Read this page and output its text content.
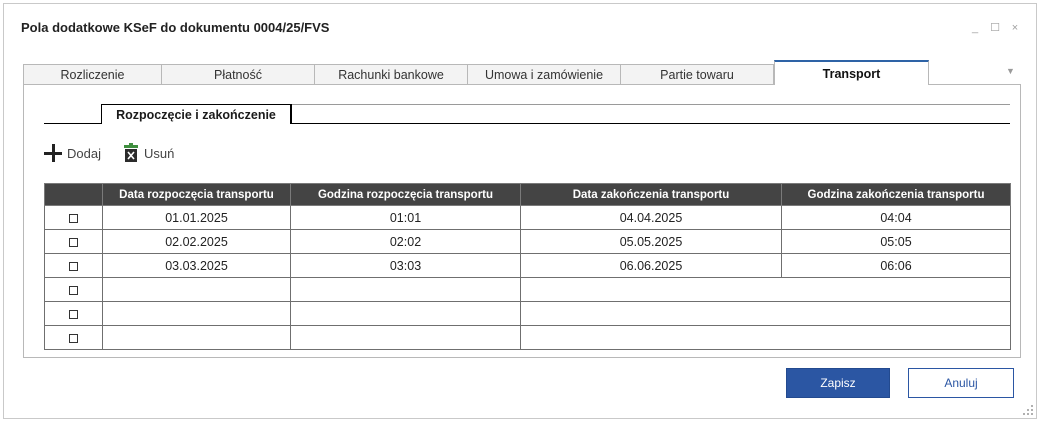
Pola dodatkowe KSeF do dokumentu 0004/25/FVS	_ ☐ ×
Rozliczenie	Płatność	Rachunki bankowe	Umowa i zamówienie	Partie towaru	Transport	▼
Rozpoczęcie i zakończenie
Dodaj	Usuń
	Data rozpoczęcia transportu	Godzina rozpoczęcia transportu	Data zakończenia transportu	Godzina zakończenia transportu
	01.01.2025	01:01	04.04.2025	04:04
	02.02.2025	02:02	05.05.2025	05:05
	03.03.2025	03:03	06.06.2025	06:06

Zapisz	Anuluj
